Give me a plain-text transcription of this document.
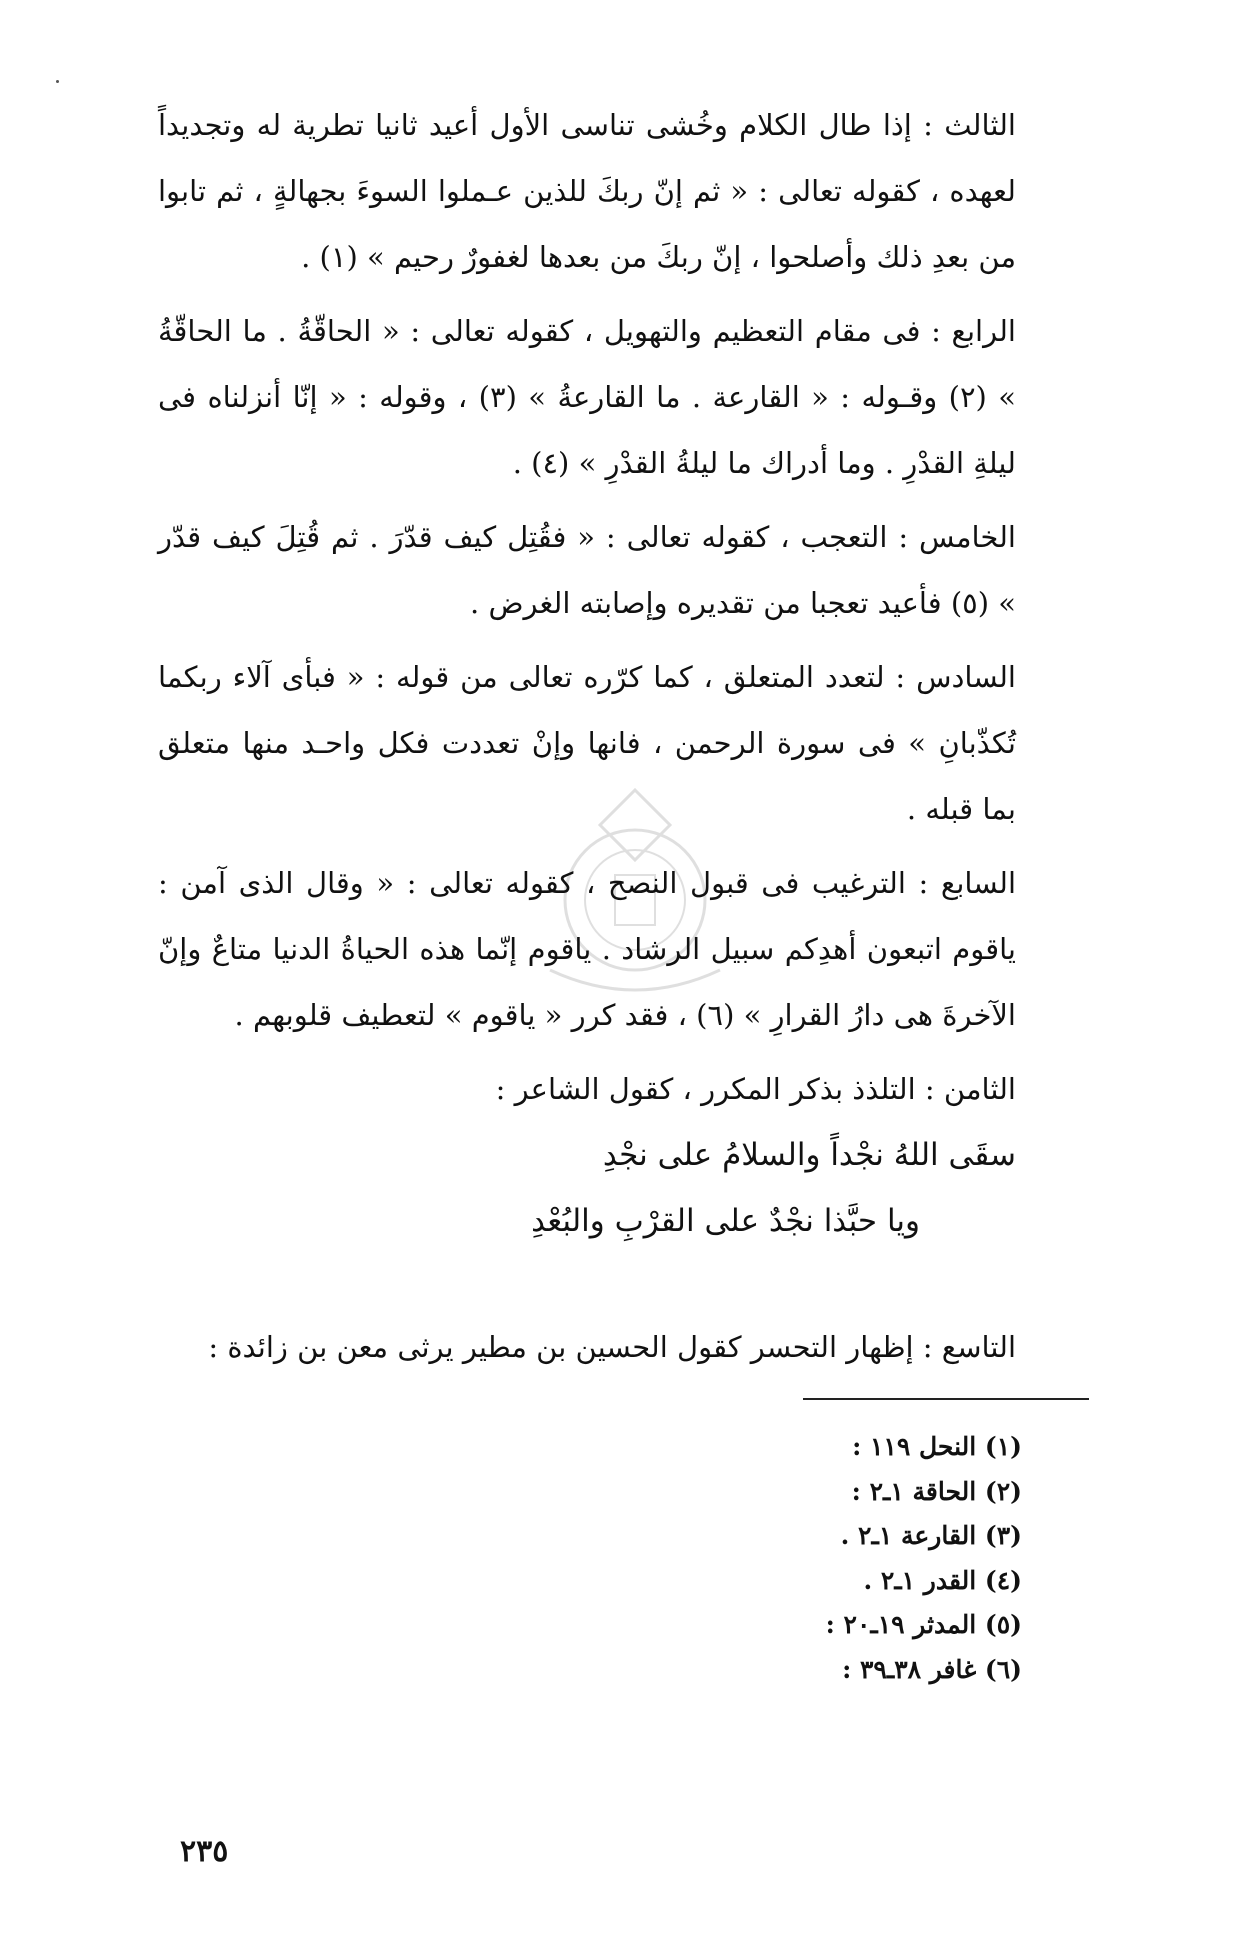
الثالث : إذا طال الكلام وخُشى تناسى الأول أعيد ثانيا تطرية له وتجديداً لعهده ، كقوله تعالى : « ثم إنّ ربكَ للذين عـملوا السوءَ بجهالةٍ ، ثم تابوا من بعدِ ذلك وأصلحوا ، إنّ ربكَ من بعدها لغفورٌ رحيم » (١) .

الرابع : فى مقام التعظيم والتهويل ، كقوله تعالى : « الحاقّةُ . ما الحاقّةُ » (٢) وقـوله : « القارعة . ما القارعةُ » (٣) ، وقوله : « إنّا أنزلناه فى ليلةِ القدْرِ . وما أدراك ما ليلةُ القدْرِ » (٤) .

الخامس : التعجب ، كقوله تعالى : « فقُتِل كيف قدّرَ . ثم قُتِلَ كيف قدّر » (٥) فأعيد تعجبا من تقديره وإصابته الغرض .

السادس : لتعدد المتعلق ، كما كرّره تعالى من قوله : « فبأى آلاء ربكما تُكذّبانِ » فى سورة الرحمن ، فانها وإنْ تعددت فكل واحـد منها متعلق بما قبله .

السابع : الترغيب فى قبول النصح ، كقوله تعالى : « وقال الذى آمن : ياقوم اتبعون أهدِكم سبيل الرشاد . ياقوم إنّما هذه الحياةُ الدنيا متاعٌ وإنّ الآخرةَ هى دارُ القرارِ » (٦) ، فقد كرر « ياقوم » لتعطيف قلوبهم .

الثامن : التلذذ بذكر المكرر ، كقول الشاعر :

سقَى اللهُ نجْداً والسلامُ على نجْدِ
ويا حبَّذا نجْدٌ على القرْبِ والبُعْدِ

التاسع : إظهار التحسر كقول الحسين بن مطير يرثى معن بن زائدة :

(١) النحل ١١٩ :
(٢) الحاقة ١ـ٢ :
(٣) القارعة ١ـ٢ .
(٤) القدر ١ـ٢ .
(٥) المدثر ١٩ـ٢٠ :
(٦) غافر ٣٨ـ٣٩ :
٢٣٥
